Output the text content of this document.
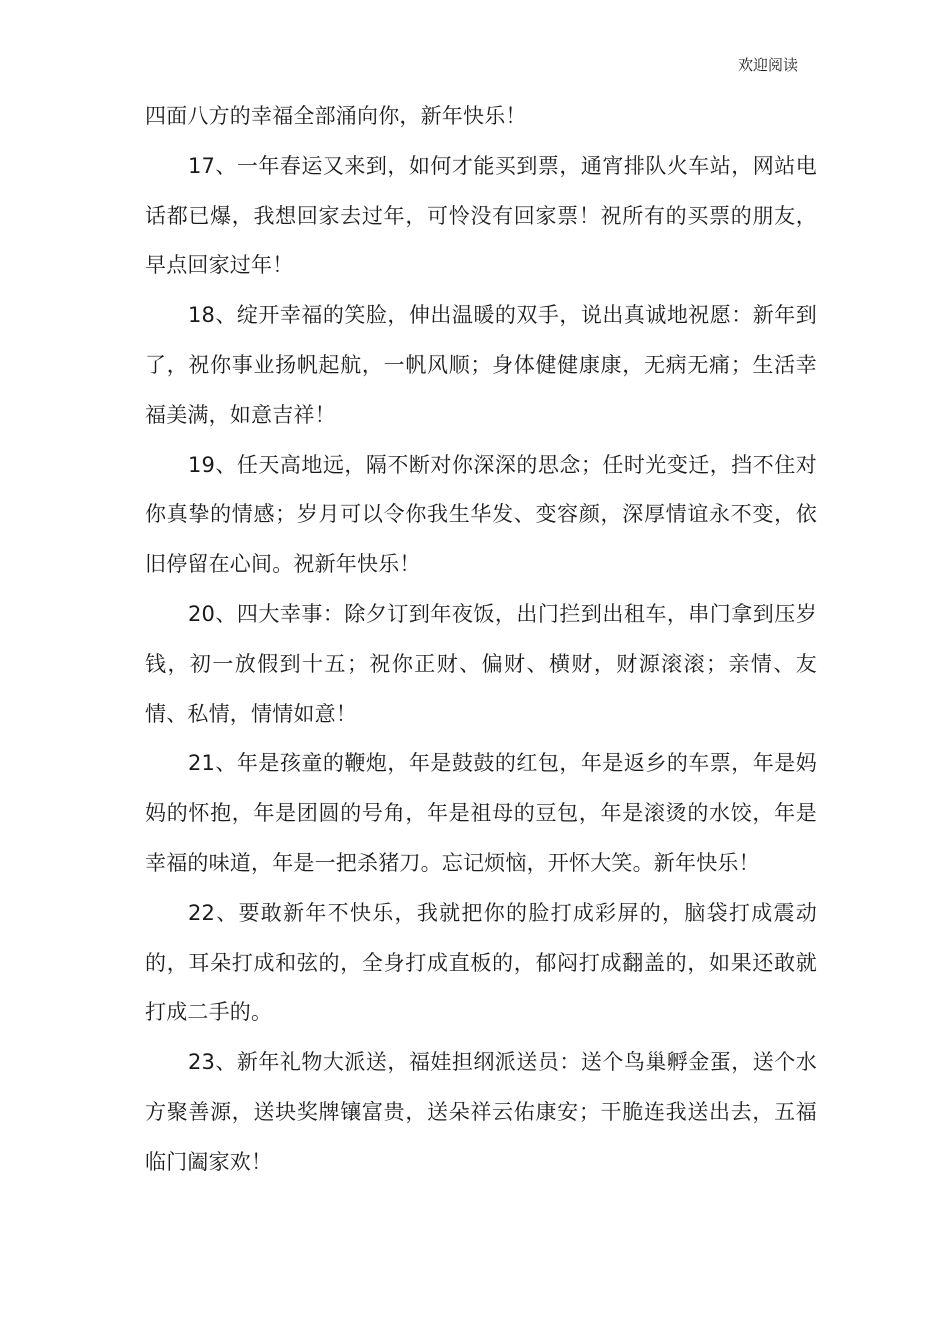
欢迎阅读

四面八方的幸福全部涌向你，新年快乐！

17、一年春运又来到，如何才能买到票，通宵排队火车站，网站电话都已爆，我想回家去过年，可怜没有回家票！祝所有的买票的朋友，早点回家过年！

18、绽开幸福的笑脸，伸出温暖的双手，说出真诚地祝愿：新年到了，祝你事业扬帆起航，一帆风顺；身体健健康康，无病无痛；生活幸福美满，如意吉祥！

19、任天高地远，隔不断对你深深的思念；任时光变迁，挡不住对你真挚的情感；岁月可以令你我生华发、变容颜，深厚情谊永不变，依旧停留在心间。祝新年快乐！

20、四大幸事：除夕订到年夜饭，出门拦到出租车，串门拿到压岁钱，初一放假到十五；祝你正财、偏财、横财，财源滚滚；亲情、友情、私情，情情如意！

21、年是孩童的鞭炮，年是鼓鼓的红包，年是返乡的车票，年是妈妈的怀抱，年是团圆的号角，年是祖母的豆包，年是滚烫的水饺，年是幸福的味道，年是一把杀猪刀。忘记烦恼，开怀大笑。新年快乐！

22、要敢新年不快乐，我就把你的脸打成彩屏的，脑袋打成震动的，耳朵打成和弦的，全身打成直板的，郁闷打成翻盖的，如果还敢就打成二手的。

23、新年礼物大派送，福娃担纲派送员：送个鸟巢孵金蛋，送个水方聚善源，送块奖牌镶富贵，送朵祥云佑康安；干脆连我送出去，五福临门阖家欢！
